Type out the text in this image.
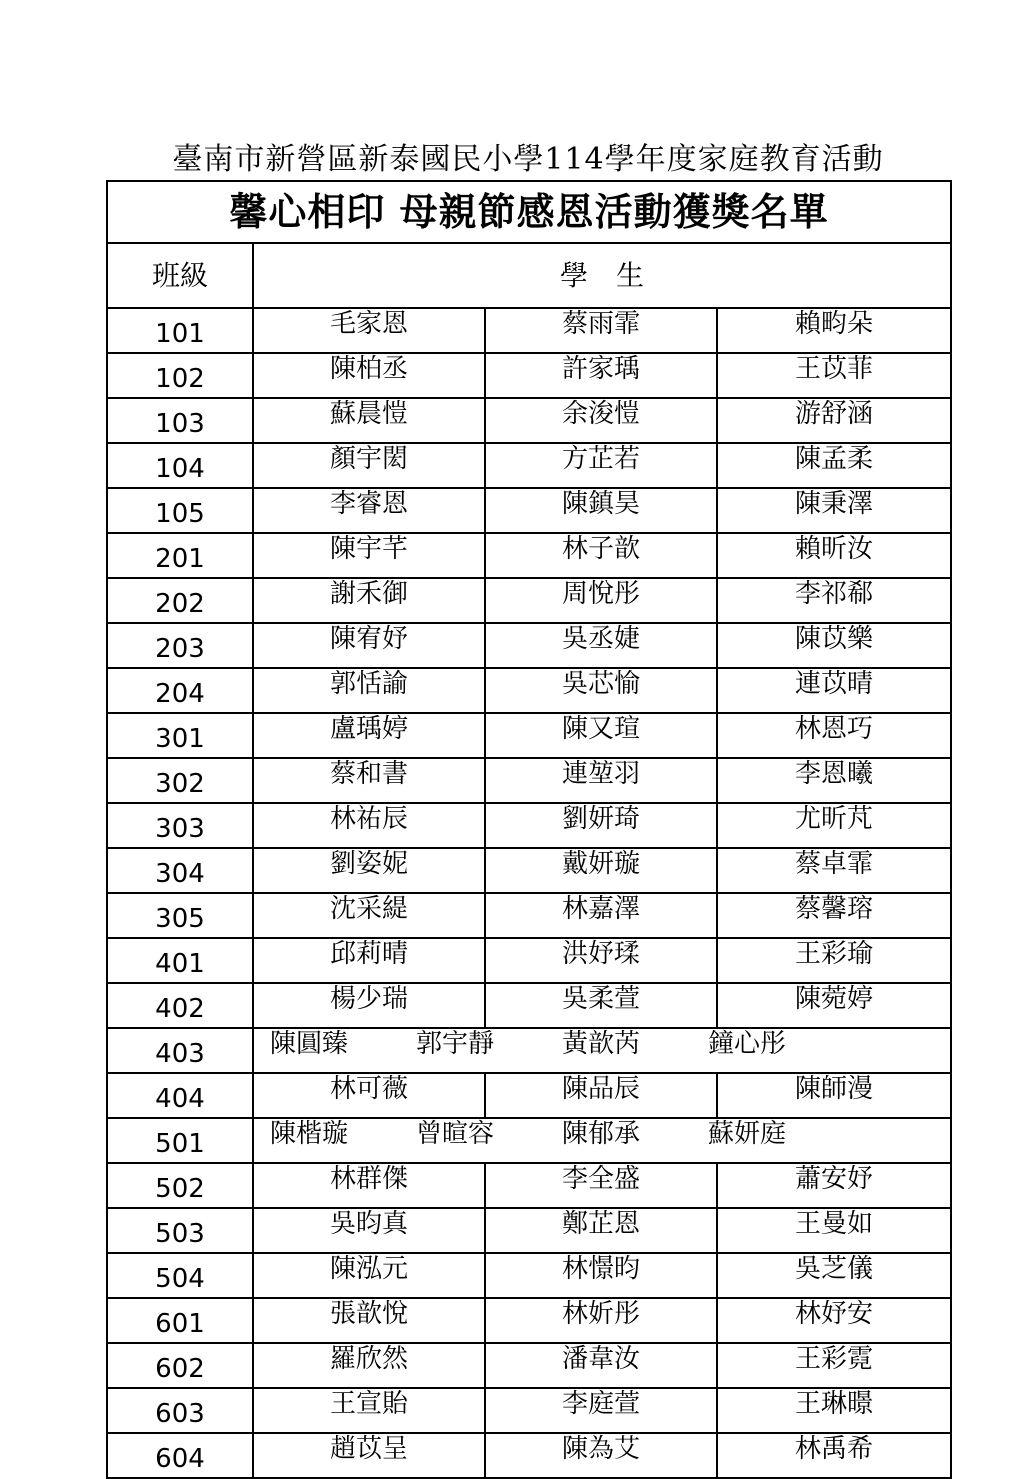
臺南市新營區新泰國民小學114學年度家庭教育活動
馨心相印 母親節感恩活動獲獎名單			
班級	學　生		
101	毛家恩	蔡雨霏	賴畇朵
102	陳柏丞	許家瑀	王苡菲
103	蘇晨愷	余浚愷	游舒涵
104	顏宇閎	方芷若	陳孟柔
105	李睿恩	陳鎮昊	陳秉澤
201	陳宇芊	林子歆	賴昕汝
202	謝禾御	周悅彤	李祁郗
203	陳宥妤	吳丞婕	陳苡樂
204	郭恬諭	吳芯愉	連苡晴
301	盧瑀婷	陳又瑄	林恩巧
302	蔡和書	連堃羽	李恩曦
303	林祐辰	劉妍琦	尤昕芃
304	劉姿妮	戴妍璇	蔡卓霏
305	沈采緹	林嘉澤	蔡馨瑢
401	邱莉晴	洪妤瑈	王彩瑜
402	楊少瑞	吳柔萱	陳菀婷
403	陳圓臻 郭宇靜 黃歆芮 鐘心彤		
404	林可薇	陳品辰	陳師漫
501	陳楷璇 曾暄容 陳郁承 蘇妍庭		
502	林群傑	李全盛	蕭安妤
503	吳昀真	鄭芷恩	王曼如
504	陳泓元	林憬昀	吳芝儀
601	張歆悅	林妡彤	林妤安
602	羅欣然	潘韋汝	王彩霓
603	王宣貽	李庭萱	王琳暻
604	趙苡呈	陳為艾	林禹希
